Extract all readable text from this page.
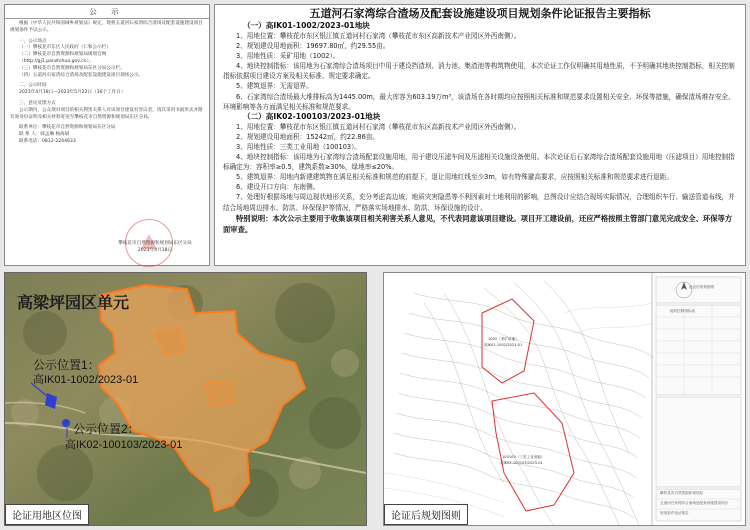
公 示

根据《中华人民共和国城乡规划法》规定，现将五道河石家湾综合渣场及配套设施建设项目规划条件予以公示。

一、公示场点

（一）攀枝花市东区人民政府（仁和公示栏）

（二）攀枝花市自然资源和规划局规划官网

（http://gj1.panzhihua.gov.cn）。

（三）攀枝花市自然资源和规划局东区分局公示栏。

（四）五道河石家湾综合渣场及配套设施建设项目现场公示。

二、公示时间

2023年4月18日—2023年5月22日（36个工作日）

三、意见反馈方式

公示期内，公众须对项目的相关利害关系人对该项目建设有异议者，请其采用书面形式并附有效身份证明及相关材料寄送至攀枝花市自然资源和规划局东区分局。

联系单位：攀枝花市自然资源和规划局东区分局

联 系 人：韩孟琳 杨海斌

联系电话：0812-2244633

攀枝花市自然资源和规划局东区分局
2023年4月18日

五道河石家湾综合渣场及配套设施建设项目规划条件论证报告主要指标

（一）高IK01-1002/2023-01地块

1、用地位置：攀枝花市东区银江镇五道河村石家湾（攀枝花市东区高新技术产业园区外西南侧）。

2、规划建设用地面积：19697.80㎡，约29.55亩。

3、用地性质：采矿用地（1002）。

4、地块控制指标：该用地为石家湾综合渣场项目中用于建设挡渣坝、消力池、集渣池等构筑物使用，本次论证工作仅明确其用地性质，不予明确其地块控制指标，相关控制指标依据项目建设方案及相关标准、规定要求确定。

5、建筑退界：无需退界。

6、石家湾综合渣场最大堆排标高为1445.00m，最大库容为603.19万m³，该渣场在各时期均应按照相关标准和规范要求设置相关安全、环保等措施，确保渣场堆存安全、环境影响等各方面满足相关标准和规范要求。

（二）高IK02-100103/2023-01地块

1、用地位置：攀枝花市东区银江镇五道河村石家湾（攀枝花市东区高新技术产业园区外西南侧）。

2、规划建设用地面积：15242㎡，约22.86亩。

3、用地性质：三类工业用地（100103）。

4、地块控制指标：该用地为石家湾综合渣场配套设施用地，用于建设压滤车间及压滤相关设施设备使用。本次论证后石家湾综合渣场配套设施用地（压滤项目）用地控制指标确定为：容积率≥0.5，建筑系数≥30%，绿地率≤20%。

5、建筑退界：用地内新建建筑物在满足相关标准和规范的前提下，退让用地红线至少3m，如有特殊避高要求，应按照相关标准和规范要求进行退距。

6、建设开口方向：东南侧。

7、处理好根据场地与周边现状地形关系，充分考虑高边坡、地质灾害隐患等不利因素对土地利用的影响，总图设计应结合现场实际情况，合理组织车行、输送管道布线，并结合场地周边排水、防洪、环保保护等情况，严格落实场地排水、防洪、环保设施的设计。

特别说明：本次公示主要用于收集该项目相关利害关系人意见，不代表同意该项目建设。项目开工建设前，还应严格按照主管部门意见完成安全、环保等方面审查。

高梁坪园区单元
公示位置1：
高IK01-1002/2023-01
公示位置2：
高IK02-100103/2023-01
论证用地区位图
论证后规划图则
地块控制指标表
攀枝花市自然资源和规划局
五道河石家湾综合渣场及配套设施建设项目
规划条件论证报告
1002（采矿用地）
高IK01-1002/2023-01
100103（三类工业用地）
高IK02-100103/2023-01
论证后规划图则
